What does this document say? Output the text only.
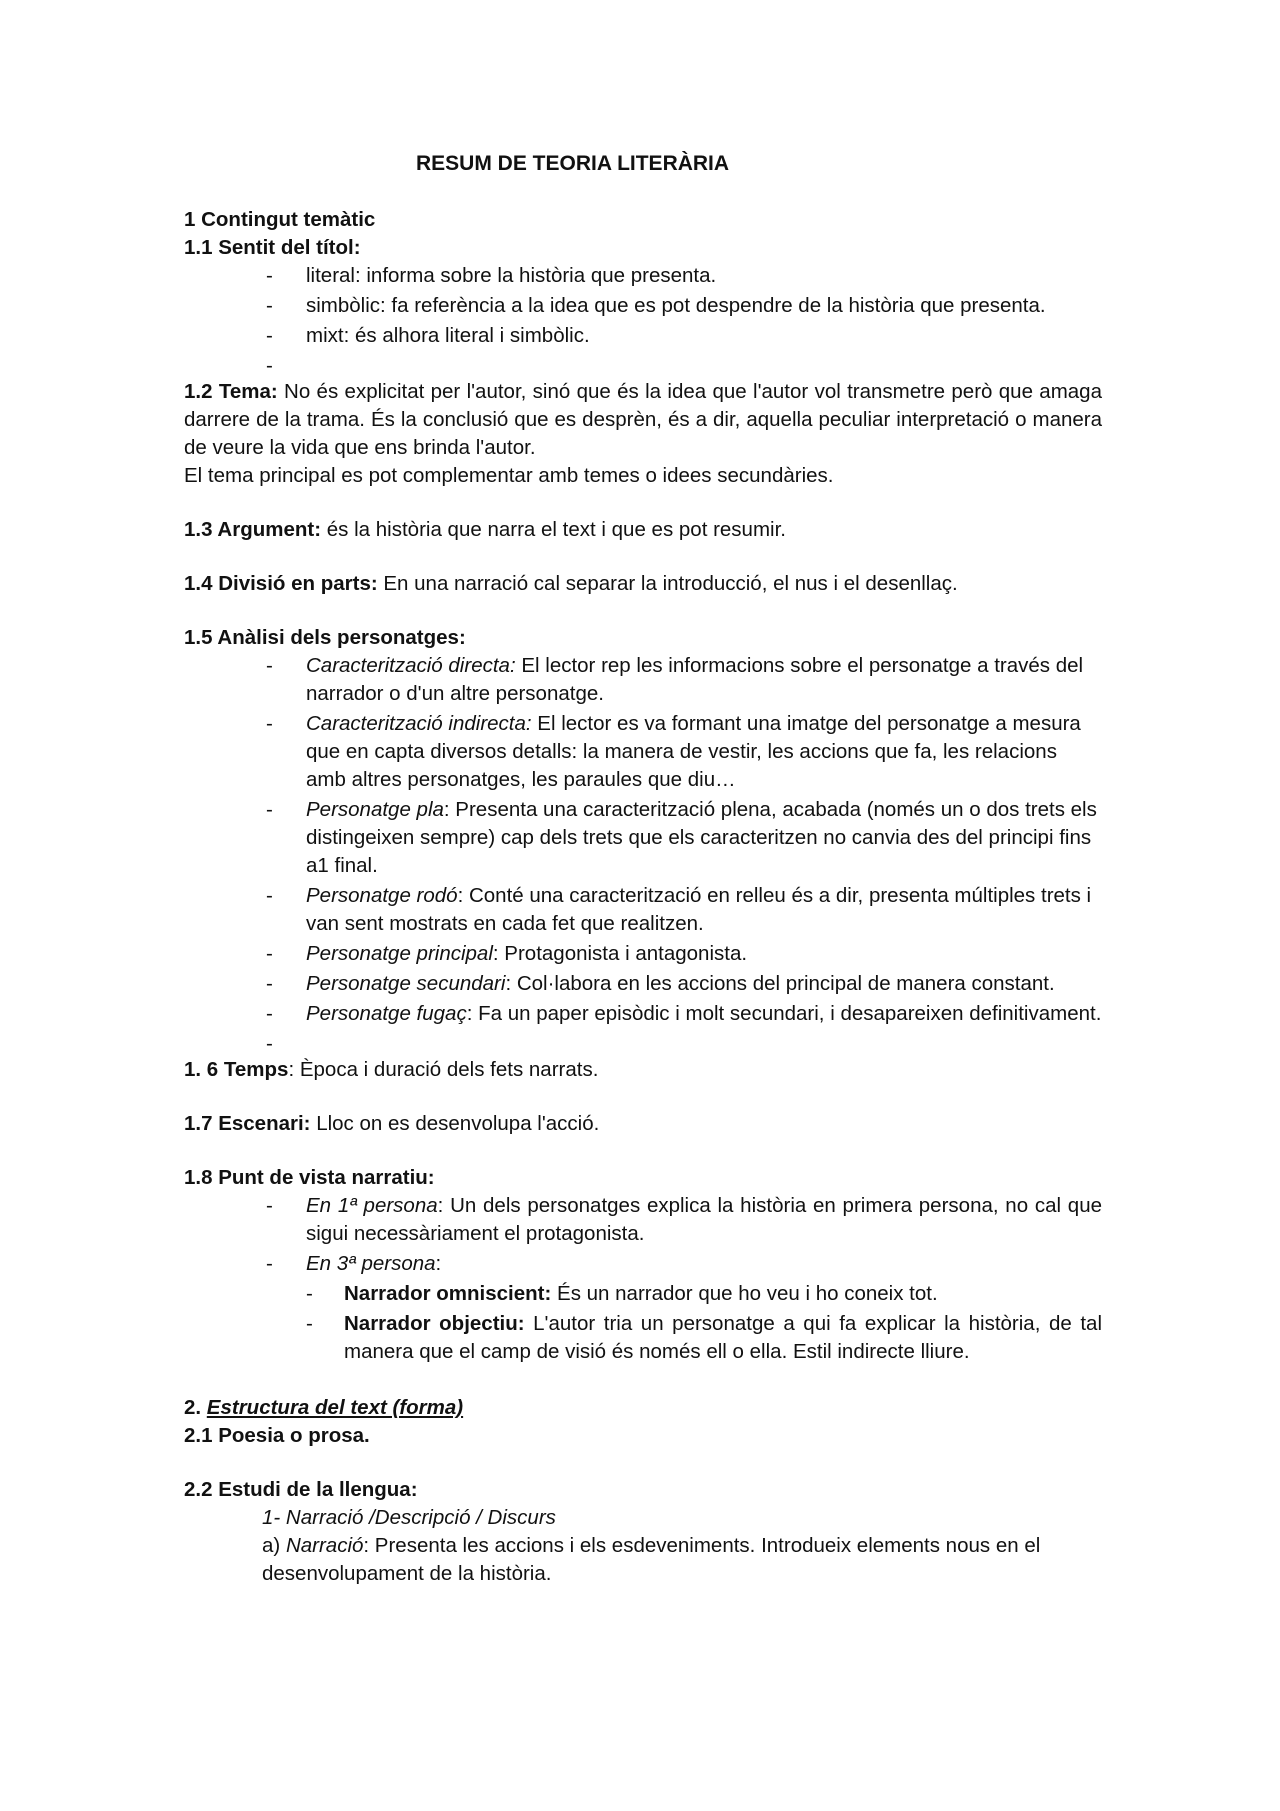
RESUM DE TEORIA LITERÀRIA

1 Contingut temàtic

1.1 Sentit del títol:

- literal: informa sobre la història que presenta.
- simbòlic: fa referència a la idea que es pot despendre de la història que presenta.
- mixt: és alhora literal i simbòlic.
-

1.2 Tema: No és explicitat per l'autor, sinó que és la idea que l'autor vol transmetre però que amaga darrere de la trama. És la conclusió que es desprèn, és a dir, aquella peculiar interpretació o manera de veure la vida que ens brinda l'autor.

El tema principal es pot complementar amb temes o idees secundàries.

1.3 Argument: és la història que narra el text i que es pot resumir.

1.4 Divisió en parts: En una narració cal separar la introducció, el nus i el desenllaç.

1.5 Anàlisi dels personatges:

- Caracterització directa: El lector rep les informacions sobre el personatge a través del narrador o d'un altre personatge.
- Caracterització indirecta: El lector es va formant una imatge del personatge a mesura que en capta diversos detalls: la manera de vestir, les accions que fa, les relacions amb altres personatges, les paraules que diu…
- Personatge pla: Presenta una caracterització plena, acabada (només un o dos trets els distingeixen sempre) cap dels trets que els caracteritzen no canvia des del principi fins a1 final.
- Personatge rodó: Conté una caracterització en relleu és a dir, presenta múltiples trets i van sent mostrats en cada fet que realitzen.
- Personatge principal: Protagonista i antagonista.
- Personatge secundari: Col·labora en les accions del principal de manera constant.
- Personatge fugaç: Fa un paper episòdic i molt secundari, i desapareixen definitivament.
-

1. 6 Temps: Època i duració dels fets narrats.

1.7 Escenari: Lloc on es desenvolupa l'acció.

1.8 Punt de vista narratiu:

- En 1ª persona: Un dels personatges explica la història en primera persona, no cal que sigui necessàriament el protagonista.
- En 3ª persona:
- Narrador omniscient: És un narrador que ho veu i ho coneix tot.
- Narrador objectiu: L'autor tria un personatge a qui fa explicar la història, de tal manera que el camp de visió és només ell o ella. Estil indirecte lliure.

2. Estructura del text (forma)

2.1 Poesia o prosa.

2.2 Estudi de la llengua:

1- Narració /Descripció / Discurs

a) Narració: Presenta les accions i els esdeveniments. Introdueix elements nous en el desenvolupament de la història.
